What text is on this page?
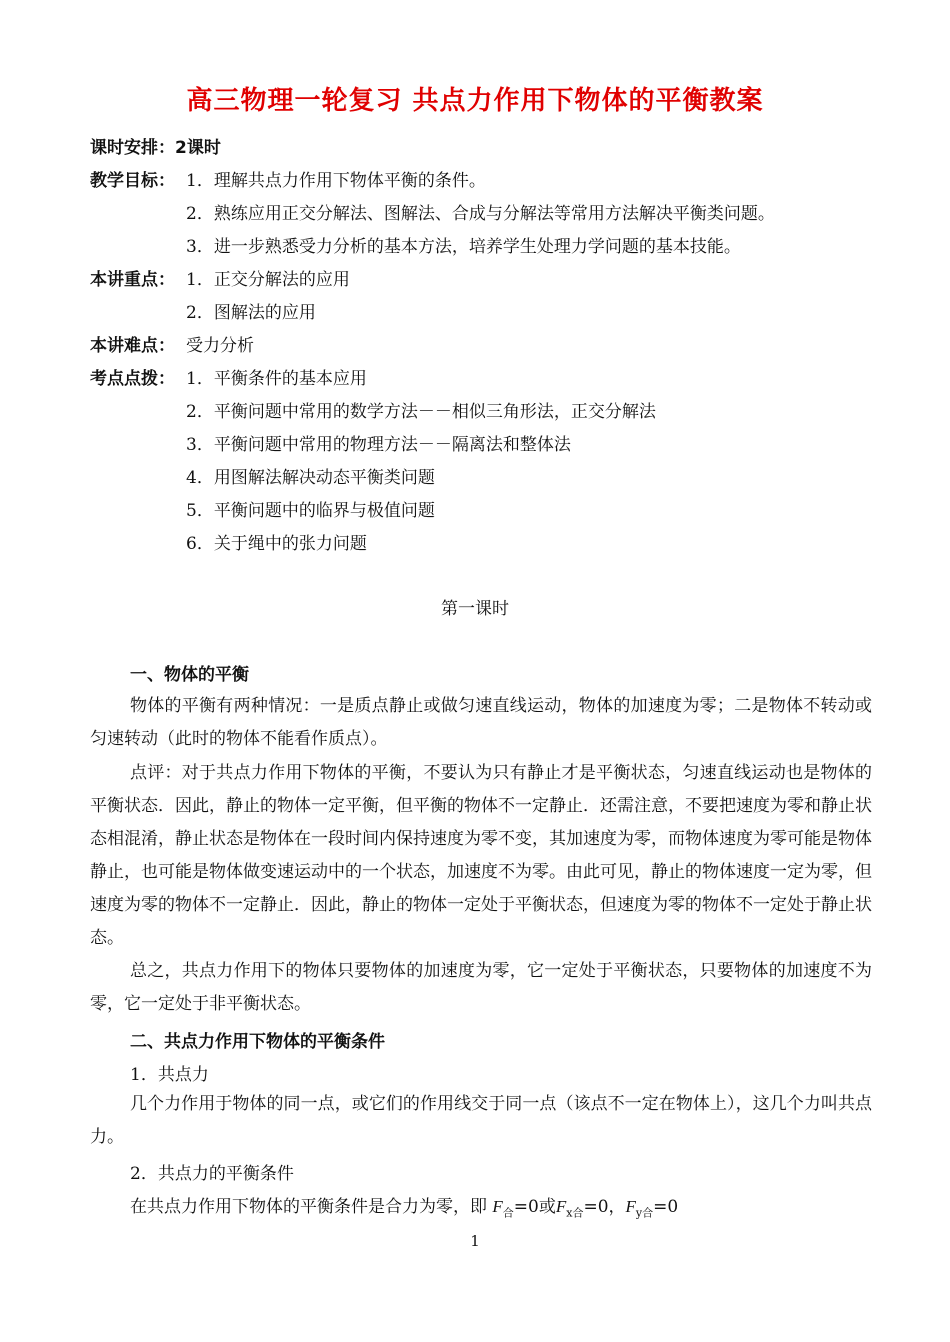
高三物理一轮复习 共点力作用下物体的平衡教案
课时安排：2课时
教学目标： 1．理解共点力作用下物体平衡的条件。
2．熟练应用正交分解法、图解法、合成与分解法等常用方法解决平衡类问题。
3．进一步熟悉受力分析的基本方法，培养学生处理力学问题的基本技能。
本讲重点： 1．正交分解法的应用
2．图解法的应用
本讲难点： 受力分析
考点点拨： 1．平衡条件的基本应用
2．平衡问题中常用的数学方法－－相似三角形法，正交分解法
3．平衡问题中常用的物理方法－－隔离法和整体法
4．用图解法解决动态平衡类问题
5．平衡问题中的临界与极值问题
6．关于绳中的张力问题
第一课时
一、物体的平衡

物体的平衡有两种情况：一是质点静止或做匀速直线运动，物体的加速度为零；二是物体不转动或匀速转动（此时的物体不能看作质点）。

点评：对于共点力作用下物体的平衡，不要认为只有静止才是平衡状态，匀速直线运动也是物体的平衡状态．因此，静止的物体一定平衡，但平衡的物体不一定静止．还需注意，不要把速度为零和静止状态相混淆，静止状态是物体在一段时间内保持速度为零不变，其加速度为零，而物体速度为零可能是物体静止，也可能是物体做变速运动中的一个状态，加速度不为零。由此可见，静止的物体速度一定为零，但速度为零的物体不一定静止．因此，静止的物体一定处于平衡状态，但速度为零的物体不一定处于静止状态。

总之，共点力作用下的物体只要物体的加速度为零，它一定处于平衡状态，只要物体的加速度不为零，它一定处于非平衡状态。

二、共点力作用下物体的平衡条件
1．共点力

几个力作用于物体的同一点，或它们的作用线交于同一点（该点不一定在物体上），这几个力叫共点力。

2．共点力的平衡条件
在共点力作用下物体的平衡条件是合力为零，即 $F_合=0$或$F_{x合}=0$，$F_{y合}=0$
1
